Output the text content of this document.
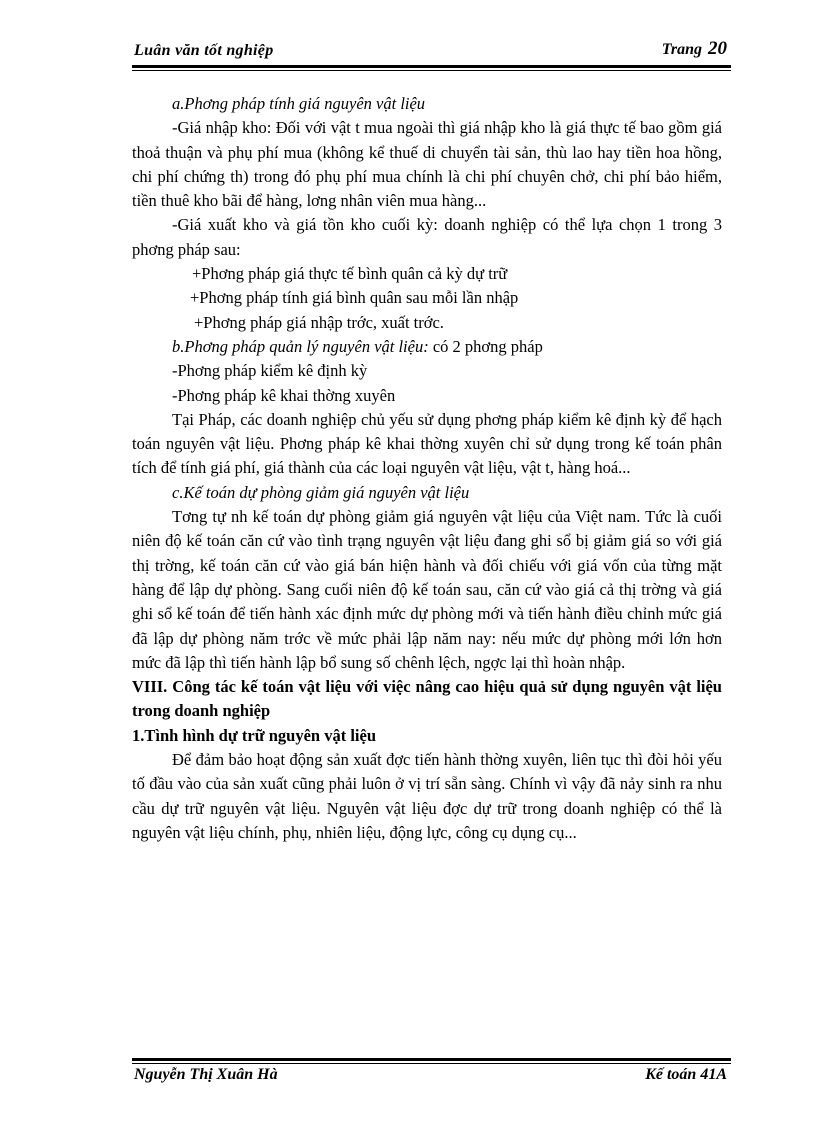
Luân văn tốt nghiệp	Trang 20

a.Phơng pháp tính giá nguyên vật liệu

-Giá nhập kho: Đối với vật t mua ngoài thì giá nhập kho là giá thực tế bao gồm giá thoả thuận và phụ phí mua (không kể thuế di chuyển tài sản, thù lao hay tiền hoa hồng, chi phí chứng th) trong đó phụ phí mua chính là chi phí chuyên chở, chi phí bảo hiểm, tiền thuê kho bãi để hàng, lơng nhân viên mua hàng...

-Giá xuất kho và giá tồn kho cuối kỳ: doanh nghiệp có thể lựa chọn 1 trong 3 phơng pháp sau:

+Phơng pháp giá thực tế bình quân cả kỳ dự trữ

+Phơng pháp tính giá bình quân sau mỗi lần nhập

+Phơng pháp giá nhập trớc, xuất trớc.

b.Phơng pháp quản lý nguyên vật liệu: có 2 phơng pháp

-Phơng pháp kiểm kê định kỳ

-Phơng pháp kê khai thờng xuyên

Tại Pháp, các doanh nghiệp chủ yếu sử dụng phơng pháp kiểm kê định kỳ để hạch toán nguyên vật liệu. Phơng pháp kê khai thờng xuyên chỉ sử dụng trong kế toán phân tích để tính giá phí, giá thành của các loại nguyên vật liệu, vật t, hàng hoá...

c.Kế toán dự phòng giảm giá nguyên vật liệu

Tơng tự nh kế toán dự phòng giảm giá nguyên vật liệu của Việt nam. Tức là cuối niên độ kế toán căn cứ vào tình trạng nguyên vật liệu đang ghi sổ bị giảm giá so với giá thị trờng, kế toán căn cứ vào giá bán hiện hành và đối chiếu với giá vốn của từng mặt hàng để lập dự phòng. Sang cuối niên độ kế toán sau, căn cứ vào giá cả thị trờng và giá ghi sổ kế toán để tiến hành xác định mức dự phòng mới và tiến hành điều chỉnh mức giá đã lập dự phòng năm trớc về mức phải lập năm nay: nếu mức dự phòng mới lớn hơn mức đã lập thì tiến hành lập bổ sung số chênh lệch, ngợc lại thì hoàn nhập.

VIII. Công tác kế toán vật liệu với việc nâng cao hiệu quả sử dụng nguyên vật liệu trong doanh nghiệp

1.Tình hình dự trữ nguyên vật liệu

Để đảm bảo hoạt động sản xuất đợc tiến hành thờng xuyên, liên tục thì đòi hỏi yếu tố đầu vào của sản xuất cũng phải luôn ở vị trí sẵn sàng. Chính vì vậy đã nảy sinh ra nhu cầu dự trữ nguyên vật liệu. Nguyên vật liệu đợc dự trữ trong doanh nghiệp có thể là nguyên vật liệu chính, phụ, nhiên liệu, động lực, công cụ dụng cụ...

Nguyễn Thị Xuân Hà	Kế toán 41A
